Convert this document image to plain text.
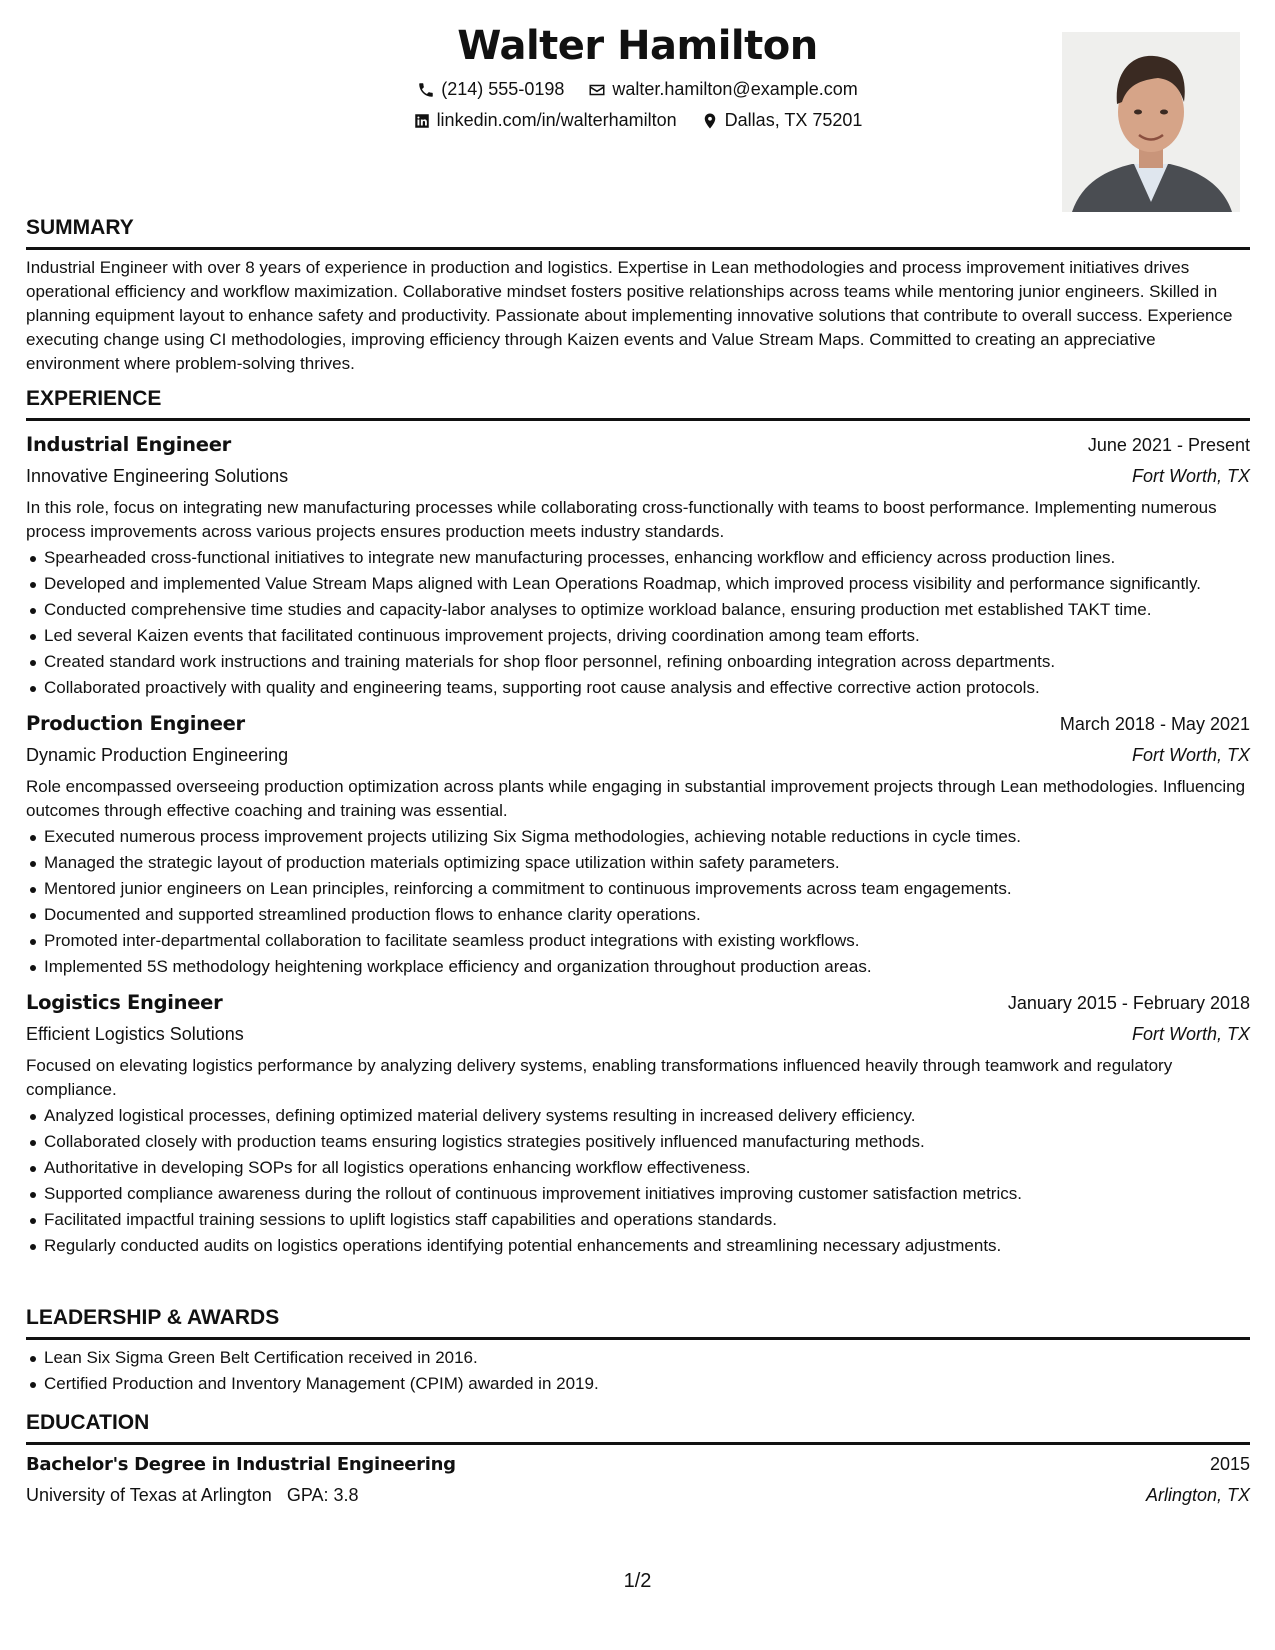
Walter Hamilton
(214) 555-0198	walter.hamilton@example.com
linkedin.com/in/walterhamilton	Dallas, TX 75201
SUMMARY

Industrial Engineer with over 8 years of experience in production and logistics. Expertise in Lean methodologies and process improvement initiatives drives operational efficiency and workflow maximization. Collaborative mindset fosters positive relationships across teams while mentoring junior engineers. Skilled in planning equipment layout to enhance safety and productivity. Passionate about implementing innovative solutions that contribute to overall success. Experience executing change using CI methodologies, improving efficiency through Kaizen events and Value Stream Maps. Committed to creating an appreciative environment where problem-solving thrives.

EXPERIENCE
Industrial Engineer	June 2021 - Present
Innovative Engineering Solutions	Fort Worth, TX

In this role, focus on integrating new manufacturing processes while collaborating cross-functionally with teams to boost performance. Implementing numerous process improvements across various projects ensures production meets industry standards.

Spearheaded cross-functional initiatives to integrate new manufacturing processes, enhancing workflow and efficiency across production lines.
Developed and implemented Value Stream Maps aligned with Lean Operations Roadmap, which improved process visibility and performance significantly.
Conducted comprehensive time studies and capacity-labor analyses to optimize workload balance, ensuring production met established TAKT time.
Led several Kaizen events that facilitated continuous improvement projects, driving coordination among team efforts.
Created standard work instructions and training materials for shop floor personnel, refining onboarding integration across departments.
Collaborated proactively with quality and engineering teams, supporting root cause analysis and effective corrective action protocols.
Production Engineer	March 2018 - May 2021
Dynamic Production Engineering	Fort Worth, TX

Role encompassed overseeing production optimization across plants while engaging in substantial improvement projects through Lean methodologies. Influencing outcomes through effective coaching and training was essential.

Executed numerous process improvement projects utilizing Six Sigma methodologies, achieving notable reductions in cycle times.
Managed the strategic layout of production materials optimizing space utilization within safety parameters.
Mentored junior engineers on Lean principles, reinforcing a commitment to continuous improvements across team engagements.
Documented and supported streamlined production flows to enhance clarity operations.
Promoted inter-departmental collaboration to facilitate seamless product integrations with existing workflows.
Implemented 5S methodology heightening workplace efficiency and organization throughout production areas.
Logistics Engineer	January 2015 - February 2018
Efficient Logistics Solutions	Fort Worth, TX

Focused on elevating logistics performance by analyzing delivery systems, enabling transformations influenced heavily through teamwork and regulatory compliance.

Analyzed logistical processes, defining optimized material delivery systems resulting in increased delivery efficiency.
Collaborated closely with production teams ensuring logistics strategies positively influenced manufacturing methods.
Authoritative in developing SOPs for all logistics operations enhancing workflow effectiveness.
Supported compliance awareness during the rollout of continuous improvement initiatives improving customer satisfaction metrics.
Facilitated impactful training sessions to uplift logistics staff capabilities and operations standards.
Regularly conducted audits on logistics operations identifying potential enhancements and streamlining necessary adjustments.
LEADERSHIP & AWARDS
Lean Six Sigma Green Belt Certification received in 2016.
Certified Production and Inventory Management (CPIM) awarded in 2019.
EDUCATION
Bachelor's Degree in Industrial Engineering	2015
University of Texas at Arlington GPA: 3.8	Arlington, TX
1/2
